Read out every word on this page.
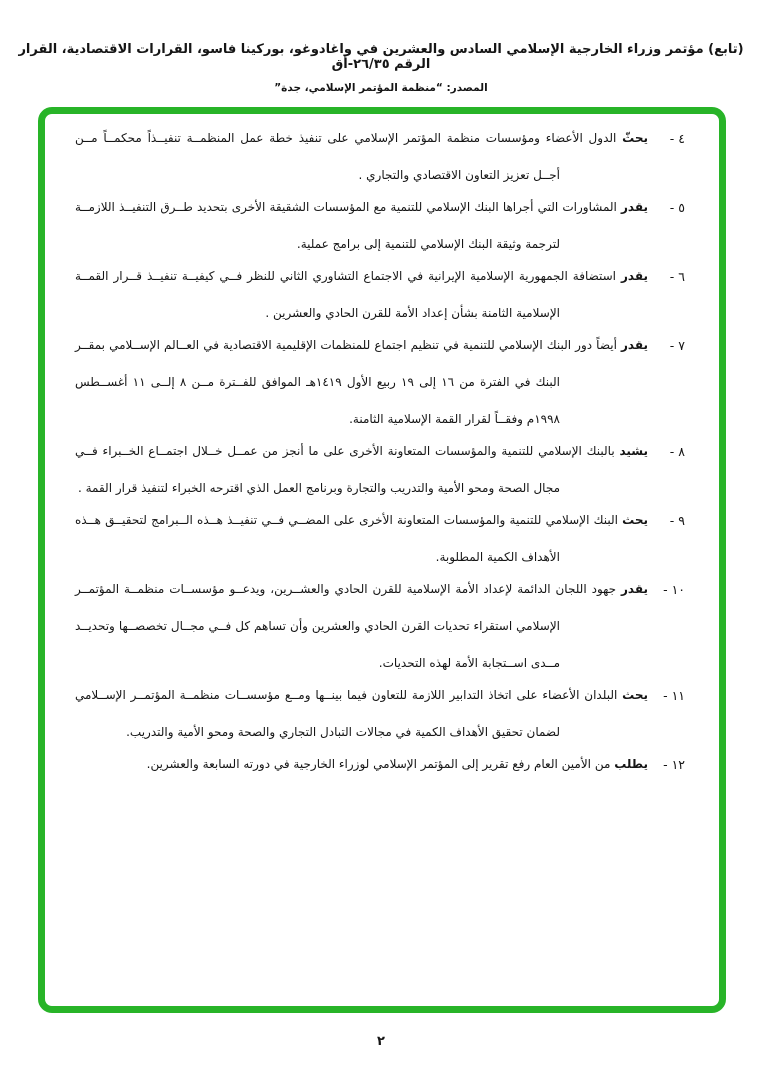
(تابع) مؤتمر وزراء الخارجية الإسلامي السادس والعشرين في واغادوغو، بوركينا فاسو، القرارات الاقتصادية، القرار الرقم ٢٦/٣٥-أق
المصدر: “منظمة المؤتمر الإسلامي، جدة”
٤ -

يحثّ الدول الأعضاء ومؤسسات منظمة المؤتمر الإسلامي على تنفيذ خطة عمل المنظمــة تنفيــذاً محكمــاً مــن أجــل تعزيز التعاون الاقتصادي والتجاري .

٥ -

يقدر المشاورات التي أجراها البنك الإسلامي للتنمية مع المؤسسات الشقيقة الأخرى بتحديد طــرق التنفيــذ اللازمــة لترجمة وثيقة البنك الإسلامي للتنمية إلى برامج عملية.

٦ -

يقدر استضافة الجمهورية الإسلامية الإيرانية في الاجتماع التشاوري الثاني للنظر فــي كيفيــة تنفيــذ قــرار القمــة الإسلامية الثامنة بشأن إعداد الأمة للقرن الحادي والعشرين .

٧ -

يقدر أيضاً دور البنك الإسلامي للتنمية في تنظيم اجتماع للمنظمات الإقليمية الاقتصادية في العــالم الإســلامي بمقــر البنك في الفترة من ١٦ إلى ١٩ ربيع الأول ١٤١٩هـ الموافق للفــترة مــن ٨ إلــى ١١ أغســطس ١٩٩٨م وفقــاً لقرار القمة الإسلامية الثامنة.

٨ -

يشيد بالبنك الإسلامي للتنمية والمؤسسات المتعاونة الأخرى على ما أنجز من عمــل خــلال اجتمــاع الخــبراء فــي مجال الصحة ومحو الأمية والتدريب والتجارة وبرنامج العمل الذي اقترحه الخبراء لتنفيذ قرار القمة .

٩ -

يحث البنك الإسلامي للتنمية والمؤسسات المتعاونة الأخرى على المضــي فــي تنفيــذ هــذه الــبرامج لتحقيــق هــذه الأهداف الكمية المطلوبة.

١٠ -

يقدر جهود اللجان الدائمة لإعداد الأمة الإسلامية للقرن الحادي والعشــرين، ويدعــو مؤسســات منظمــة المؤتمــر الإسلامي استقراء تحديات القرن الحادي والعشرين وأن تساهم كل فــي مجــال تخصصــها وتحديــد مــدى اســتجابة الأمة لهذه التحديات.

١١ -

يحث البلدان الأعضاء على اتخاذ التدابير اللازمة للتعاون فيما بينــها ومــع مؤسســات منظمــة المؤتمــر الإســلامي لضمان تحقيق الأهداف الكمية في مجالات التبادل التجاري والصحة ومحو الأمية والتدريب.

١٢ -

يطلب من الأمين العام رفع تقرير إلى المؤتمر الإسلامي لوزراء الخارجية في دورته السابعة والعشرين.

٢
